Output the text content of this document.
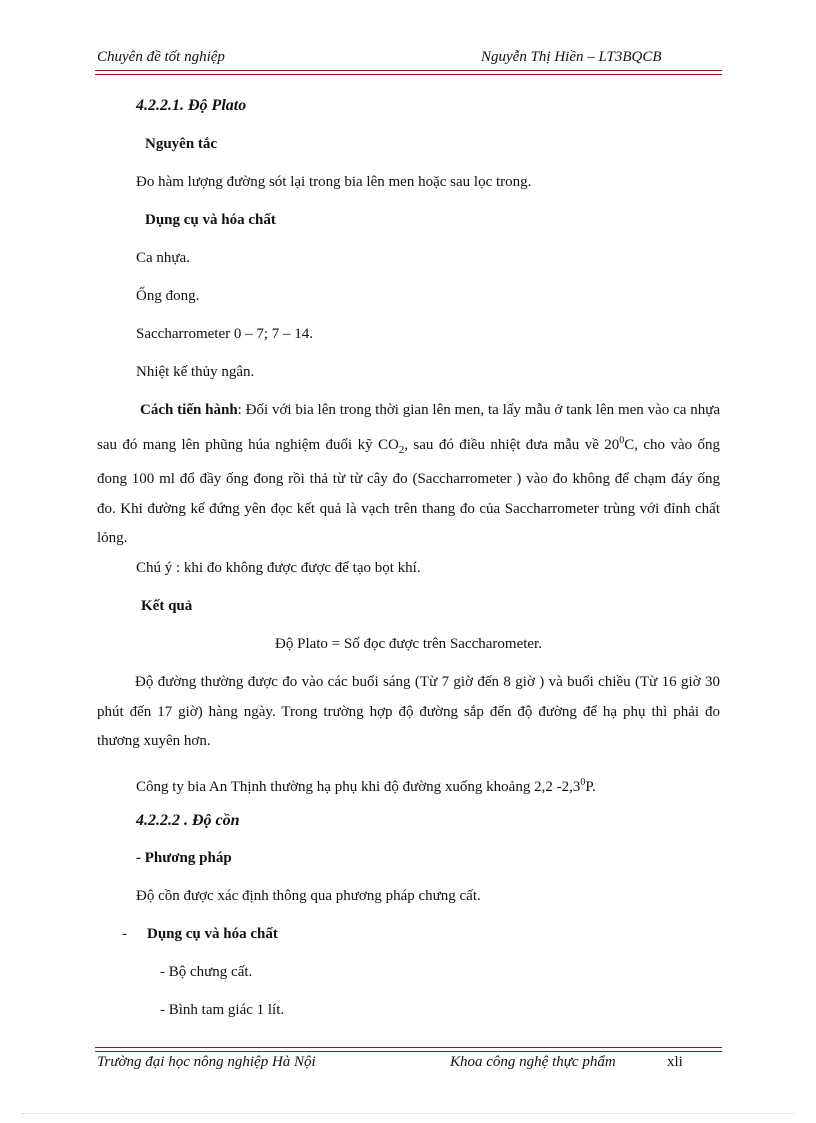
Chuyên đề tốt nghiệp	Nguyễn Thị Hiền – LT3BQCB
4.2.2.1. Độ Plato
Nguyên tắc
Đo hàm lượng đường sót lại trong bia lên men hoặc sau lọc trong.
Dụng cụ và hóa chất
Ca nhựa.
Ống đong.
Saccharrometer 0 – 7; 7 – 14.
Nhiệt kế thủy ngân.

Cách tiến hành: Đối với bia lên trong thời gian lên men, ta lấy mẫu ở tank lên men vào ca nhựa sau đó mang lên phũng húa nghiệm đuổi kỹ $CO_2$, sau đó điều nhiệt đưa mẫu về $20^0C$, cho vào ống đong 100 ml đổ đầy ống đong rồi thả từ từ cây đo (Saccharrometer ) vào đo không để chạm đáy ống đo. Khi đường kế đứng yên đọc kết quả là vạch trên thang đo của Saccharrometer trùng với đỉnh chất lỏng.

Chú ý : khi đo không được được để tạo bọt khí.
Kết quả
Độ Plato = Số đọc được trên Saccharometer.

Độ đường thường được đo vào các buổi sáng (Từ 7 giờ đến 8 giờ ) và buổi chiều (Từ 16 giờ 30 phút đến 17 giờ) hàng ngày. Trong trường hợp độ đường sắp đến độ đường để hạ phụ thì phải đo thương xuyên hơn.

Công ty bia An Thịnh thường hạ phụ khi độ đường xuống khoảng 2,2 $-2,3^0P$.
4.2.2.2 . Độ cồn
- Phương pháp
Độ cồn được xác định thông qua phương pháp chưng cất.
- Dụng cụ và hóa chất
- Bộ chưng cất.
- Bình tam giác 1 lít.
Trường đại học nông nghiệp Hà Nội	Khoa công nghệ thực phẩm	xli
